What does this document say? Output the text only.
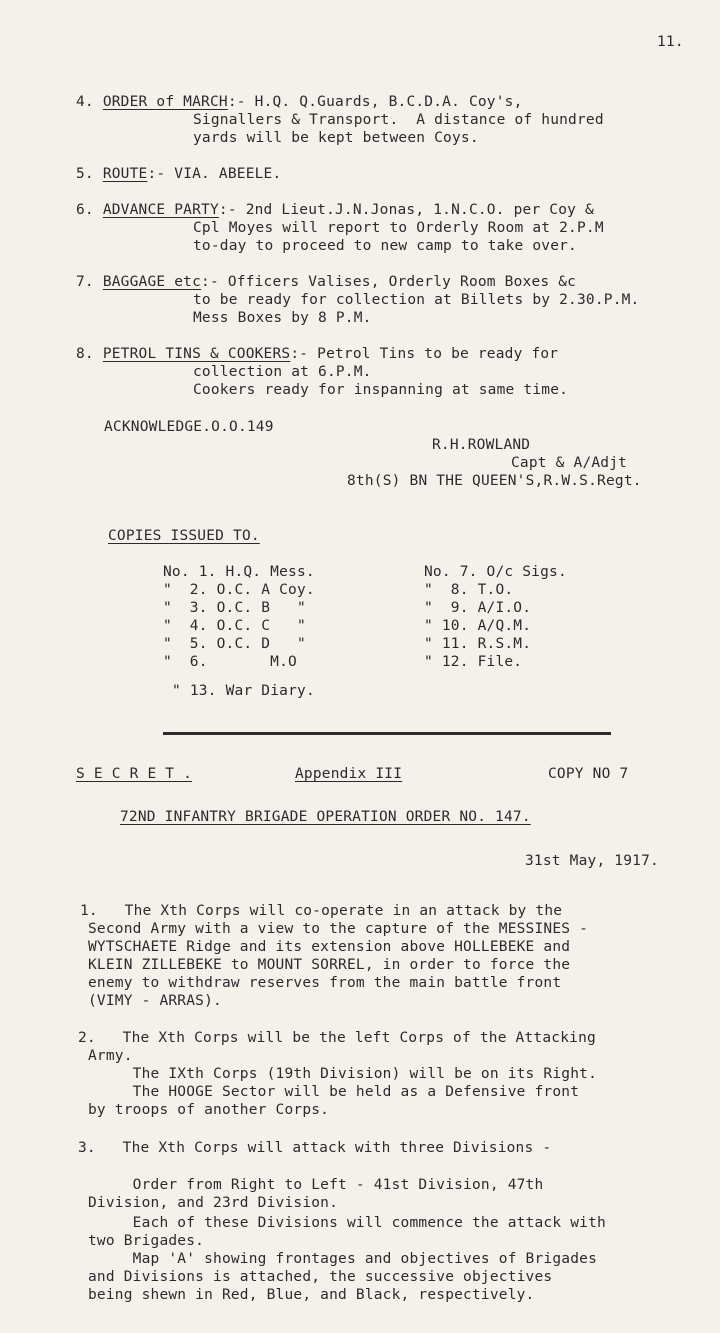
11.
4. ORDER of MARCH:- H.Q. Q.Guards, B.C.D.A. Coy's,
Signallers & Transport.  A distance of hundred
yards will be kept between Coys.
5. ROUTE:- VIA. ABEELE.
6. ADVANCE PARTY:- 2nd Lieut.J.N.Jonas, 1.N.C.O. per Coy &
Cpl Moyes will report to Orderly Room at 2.P.M
to-day to proceed to new camp to take over.
7. BAGGAGE etc:- Officers Valises, Orderly Room Boxes &c
to be ready for collection at Billets by 2.30.P.M.
Mess Boxes by 8 P.M.
8. PETROL TINS & COOKERS:- Petrol Tins to be ready for
collection at 6.P.M.
Cookers ready for inspanning at same time.
ACKNOWLEDGE.O.O.149
R.H.ROWLAND
Capt & A/Adjt
8th(S) BN THE QUEEN'S,R.W.S.Regt.
COPIES ISSUED TO.
No. 1. H.Q. Mess.
"  2. O.C. A Coy.
"  3. O.C. B   "
"  4. O.C. C   "
"  5. O.C. D   "
"  6.       M.O
No. 7. O/c Sigs.
"  8. T.O.
"  9. A/I.O.
" 10. A/Q.M.
" 11. R.S.M.
" 12. File.
" 13. War Diary.
S E C R E T .	Appendix III	COPY NO 7
72ND INFANTRY BRIGADE OPERATION ORDER NO. 147.
31st May, 1917.
1.   The Xth Corps will co-operate in an attack by the
Second Army with a view to the capture of the MESSINES -
WYTSCHAETE Ridge and its extension above HOLLEBEKE and
KLEIN ZILLEBEKE to MOUNT SORREL, in order to force the
enemy to withdraw reserves from the main battle front
(VIMY - ARRAS).
2.   The Xth Corps will be the left Corps of the Attacking
Army.
The IXth Corps (19th Division) will be on its Right.
The HOOGE Sector will be held as a Defensive front
by troops of another Corps.
3.   The Xth Corps will attack with three Divisions -
Order from Right to Left - 41st Division, 47th
Division, and 23rd Division.
Each of these Divisions will commence the attack with
two Brigades.
Map 'A' showing frontages and objectives of Brigades
and Divisions is attached, the successive objectives
being shewn in Red, Blue, and Black, respectively.
